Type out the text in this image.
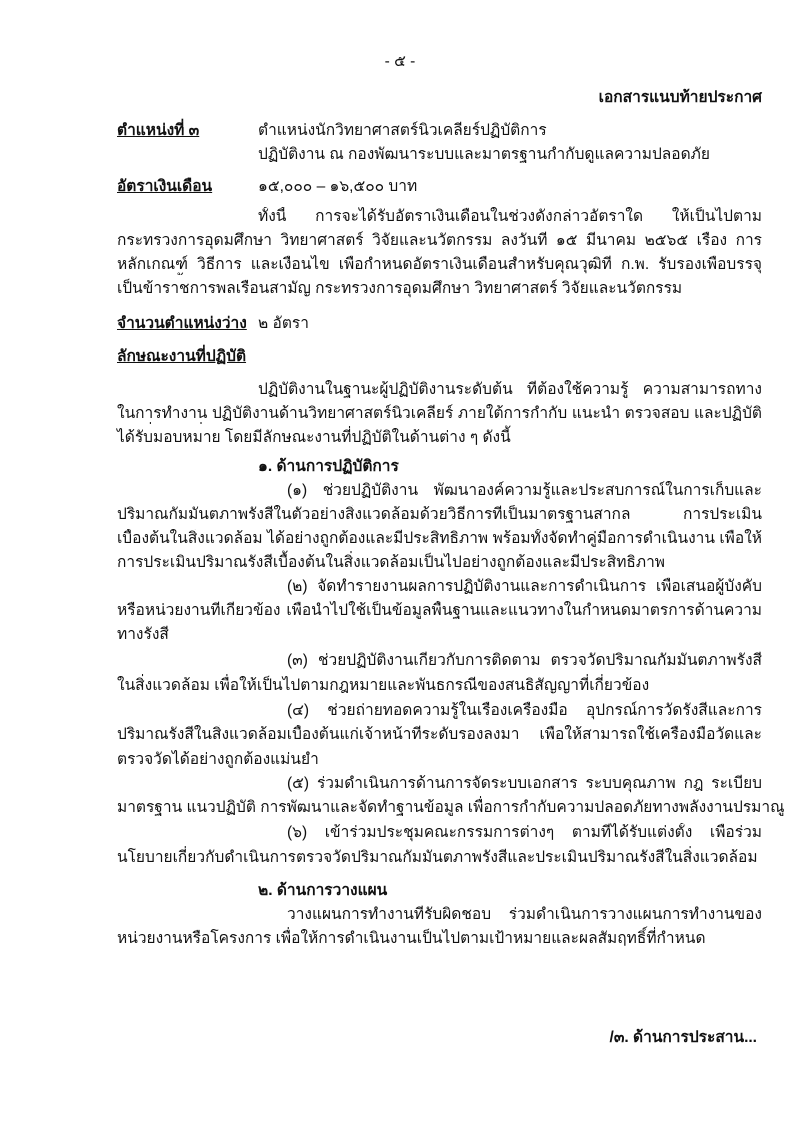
- ๕ -
เอกสารแนบท้ายประกาศ
ตำแหน่งที่ ๓	ตำแหน่งนักวิทยาศาสตร์นิวเคลียร์ปฏิบัติการ
ปฏิบัติงาน ณ กองพัฒนาระบบและมาตรฐานกำกับดูแลความปลอดภัย
อัตราเงินเดือน	๑๕,๐๐๐ – ๑๖,๕๐๐ บาท
ทั้งนี้ การจะได้รับอัตราเงินเดือนในช่วงดังกล่าวอัตราใด ให้เป็นไปตาม
กระทรวงการอุดมศึกษา วิทยาศาสตร์ วิจัยและนวัตกรรม ลงวันที่ ๑๕ มีนาคม ๒๕๖๕ เรื่อง การ
หลักเกณฑ์ วิธีการ และเงื่อนไข เพื่อกำหนดอัตราเงินเดือนสำหรับคุณวุฒิที่ ก.พ. รับรองเพื่อบรรจุ
เป็นข้าราชการพลเรือนสามัญ กระทรวงการอุดมศึกษา วิทยาศาสตร์ วิจัยและนวัตกรรม
จำนวนตำแหน่งว่าง ๒ อัตรา
ลักษณะงานที่ปฏิบัติ
ปฏิบัติงานในฐานะผู้ปฏิบัติงานระดับต้น ที่ต้องใช้ความรู้ ความสามารถทาง
ในการทำงาน ปฏิบัติงานด้านวิทยาศาสตร์นิวเคลียร์ ภายใต้การกำกับ แนะนำ ตรวจสอบ และปฏิบัติ
ได้รับมอบหมาย โดยมีลักษณะงานที่ปฏิบัติในด้านต่าง ๆ ดังนี้
๑. ด้านการปฏิบัติการ
(๑) ช่วยปฏิบัติงาน พัฒนาองค์ความรู้และประสบการณ์ในการเก็บและ
ปริมาณกัมมันตภาพรังสีในตัวอย่างสิ่งแวดล้อมด้วยวิธีการที่เป็นมาตรฐานสากล การประเมิน
เบื้องต้นในสิ่งแวดล้อม ได้อย่างถูกต้องและมีประสิทธิภาพ พร้อมทั้งจัดทำคู่มือการดำเนินงาน เพื่อให้
การประเมินปริมาณรังสีเบื้องต้นในสิ่งแวดล้อมเป็นไปอย่างถูกต้องและมีประสิทธิภาพ
(๒) จัดทำรายงานผลการปฏิบัติงานและการดำเนินการ เพื่อเสนอผู้บังคับ
หรือหน่วยงานที่เกี่ยวข้อง เพื่อนำไปใช้เป็นข้อมูลพื้นฐานและแนวทางในกำหนดมาตรการด้านความ
ทางรังสี
(๓) ช่วยปฏิบัติงานเกี่ยวกับการติดตาม ตรวจวัดปริมาณกัมมันตภาพรังสี
ในสิ่งแวดล้อม เพื่อให้เป็นไปตามกฎหมายและพันธกรณีของสนธิสัญญาที่เกี่ยวข้อง
(๔) ช่วยถ่ายทอดความรู้ในเรื่องเครื่องมือ อุปกรณ์การวัดรังสีและการ
ปริมาณรังสีในสิ่งแวดล้อมเบื้องต้นแก่เจ้าหน้าที่ระดับรองลงมา เพื่อให้สามารถใช้เครื่องมือวัดและ
ตรวจวัดได้อย่างถูกต้องแม่นยำ
(๕) ร่วมดำเนินการด้านการจัดระบบเอกสาร ระบบคุณภาพ กฎ ระเบียบ
มาตรฐาน แนวปฏิบัติ การพัฒนาและจัดทำฐานข้อมูล เพื่อการกำกับความปลอดภัยทางพลังงานปรมาณู
(๖) เข้าร่วมประชุมคณะกรรมการต่างๆ ตามที่ได้รับแต่งตั้ง เพื่อร่วม
นโยบายเกี่ยวกับดำเนินการตรวจวัดปริมาณกัมมันตภาพรังสีและประเมินปริมาณรังสีในสิ่งแวดล้อม
๒. ด้านการวางแผน
วางแผนการทำงานที่รับผิดชอบ ร่วมดำเนินการวางแผนการทำงานของ
หน่วยงานหรือโครงการ เพื่อให้การดำเนินงานเป็นไปตามเป้าหมายและผลสัมฤทธิ์ที่กำหนด
/๓. ด้านการประสาน...
